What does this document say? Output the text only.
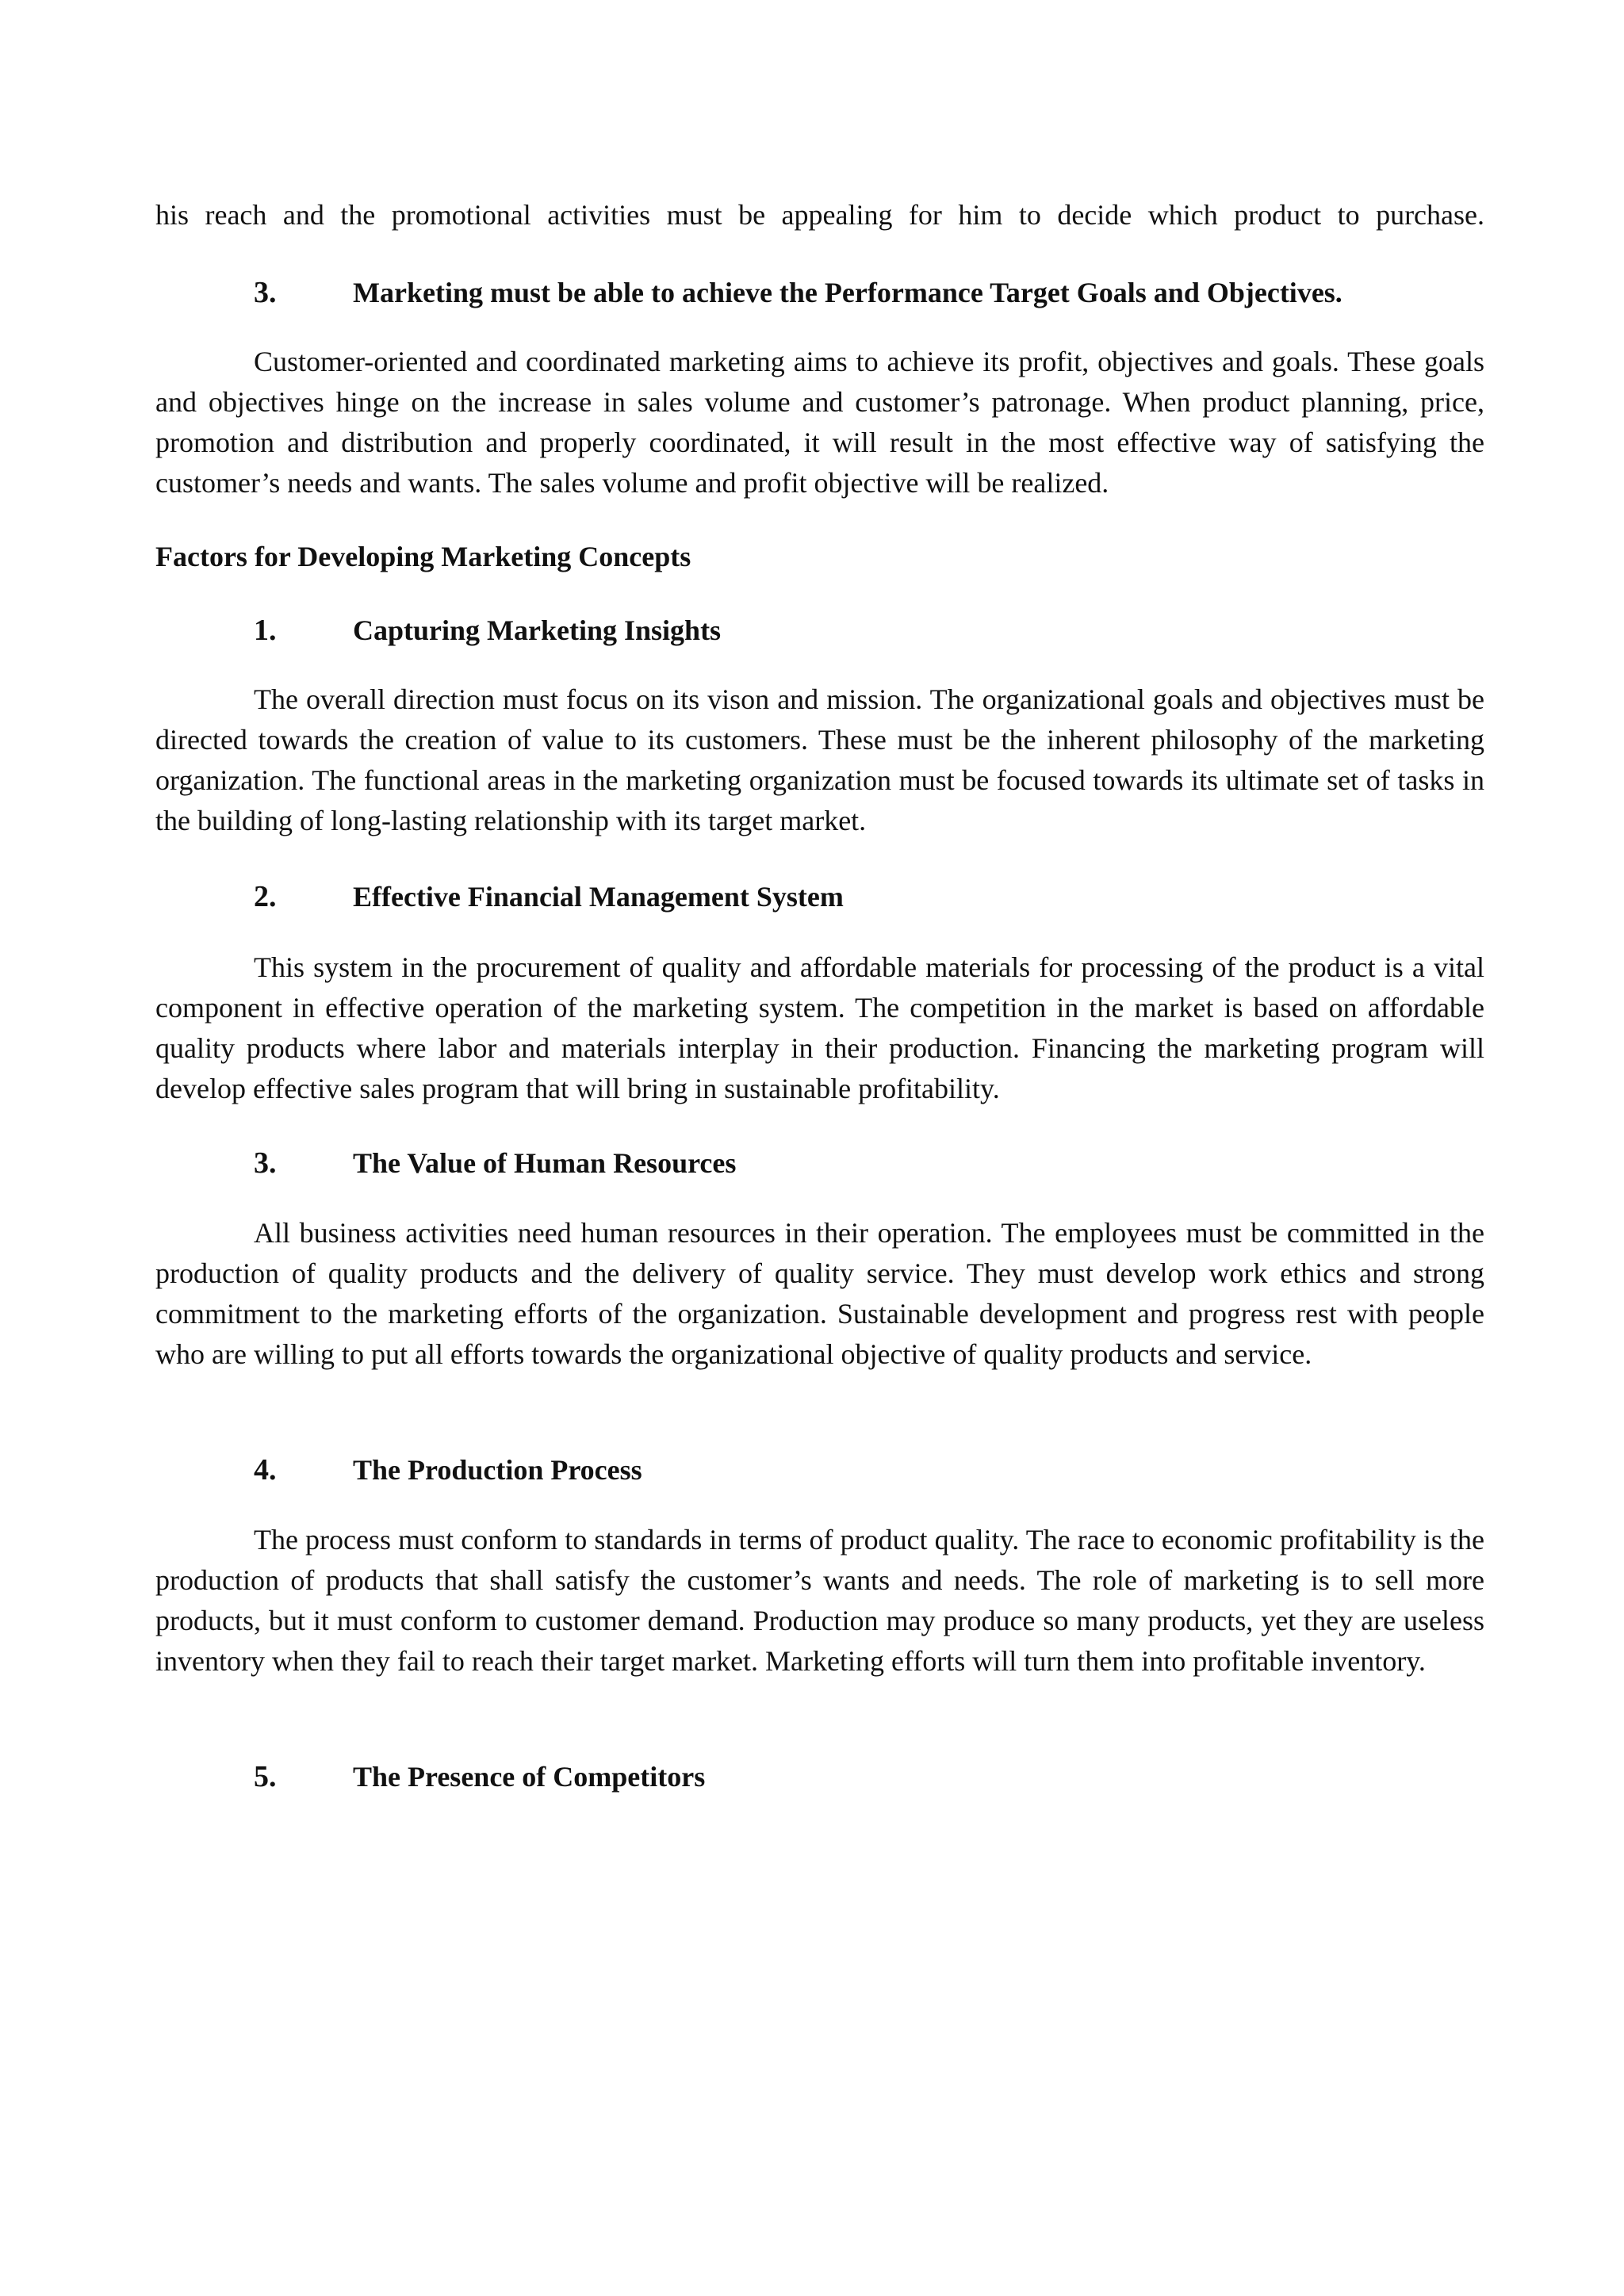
his reach and the promotional activities must be appealing for him to decide which product to purchase.

3.	Marketing must be able to achieve the Performance Target Goals and Objectives.

Customer-oriented and coordinated marketing aims to achieve its profit, objectives and goals. These goals and objectives hinge on the increase in sales volume and customer’s patronage. When product planning, price, promotion and distribution and properly coordinated, it will result in the most effective way of satisfying the customer’s needs and wants. The sales volume and profit objective will be realized.

Factors for Developing Marketing Concepts

1.	Capturing Marketing Insights

The overall direction must focus on its vison and mission. The organizational goals and objectives must be directed towards the creation of value to its customers. These must be the inherent philosophy of the marketing organization. The functional areas in the marketing organization must be focused towards its ultimate set of tasks in the building of long-lasting relationship with its target market.

2.	Effective Financial Management System

This system in the procurement of quality and affordable materials for processing of the product is a vital component in effective operation of the marketing system. The competition in the market is based on affordable quality products where labor and materials interplay in their production. Financing the marketing program will develop effective sales program that will bring in sustainable profitability.

3.	The Value of Human Resources

All business activities need human resources in their operation. The employees must be committed in the production of quality products and the delivery of quality service. They must develop work ethics and strong commitment to the marketing efforts of the organization. Sustainable development and progress rest with people who are willing to put all efforts towards the organizational objective of quality products and service.

4.	The Production Process

The process must conform to standards in terms of product quality. The race to economic profitability is the production of products that shall satisfy the customer’s wants and needs. The role of marketing is to sell more products, but it must conform to customer demand. Production may produce so many products, yet they are useless inventory when they fail to reach their target market. Marketing efforts will turn them into profitable inventory.

5.	The Presence of Competitors
